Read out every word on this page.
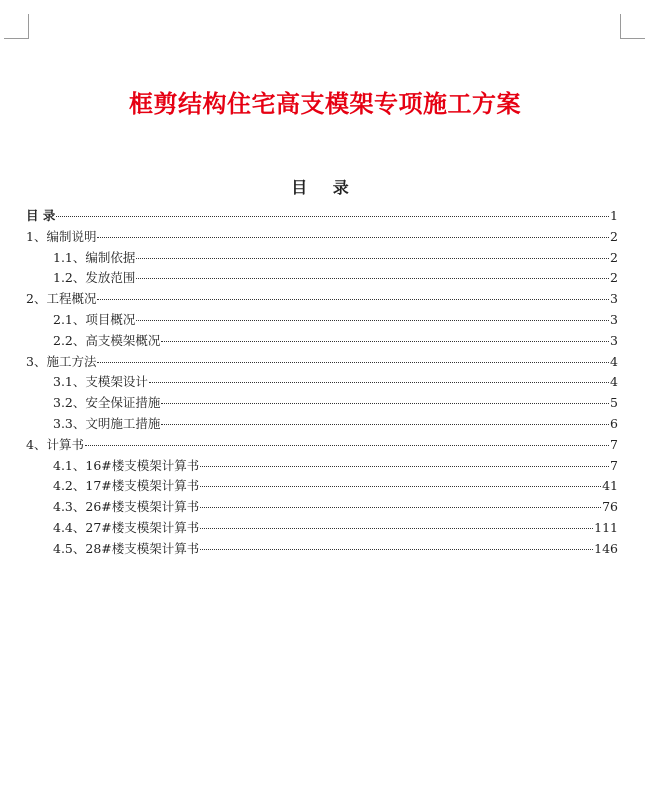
框剪结构住宅高支模架专项施工方案
目 录
目 录	1
1、编制说明	2
1.1、编制依据	2
1.2、发放范围	2
2、工程概况	3
2.1、项目概况	3
2.2、高支模架概况	3
3、施工方法	4
3.1、支模架设计	4
3.2、安全保证措施	5
3.3、文明施工措施	6
4、计算书	7
4.1、16#楼支模架计算书	7
4.2、17#楼支模架计算书	41
4.3、26#楼支模架计算书	76
4.4、27#楼支模架计算书	111
4.5、28#楼支模架计算书	146
